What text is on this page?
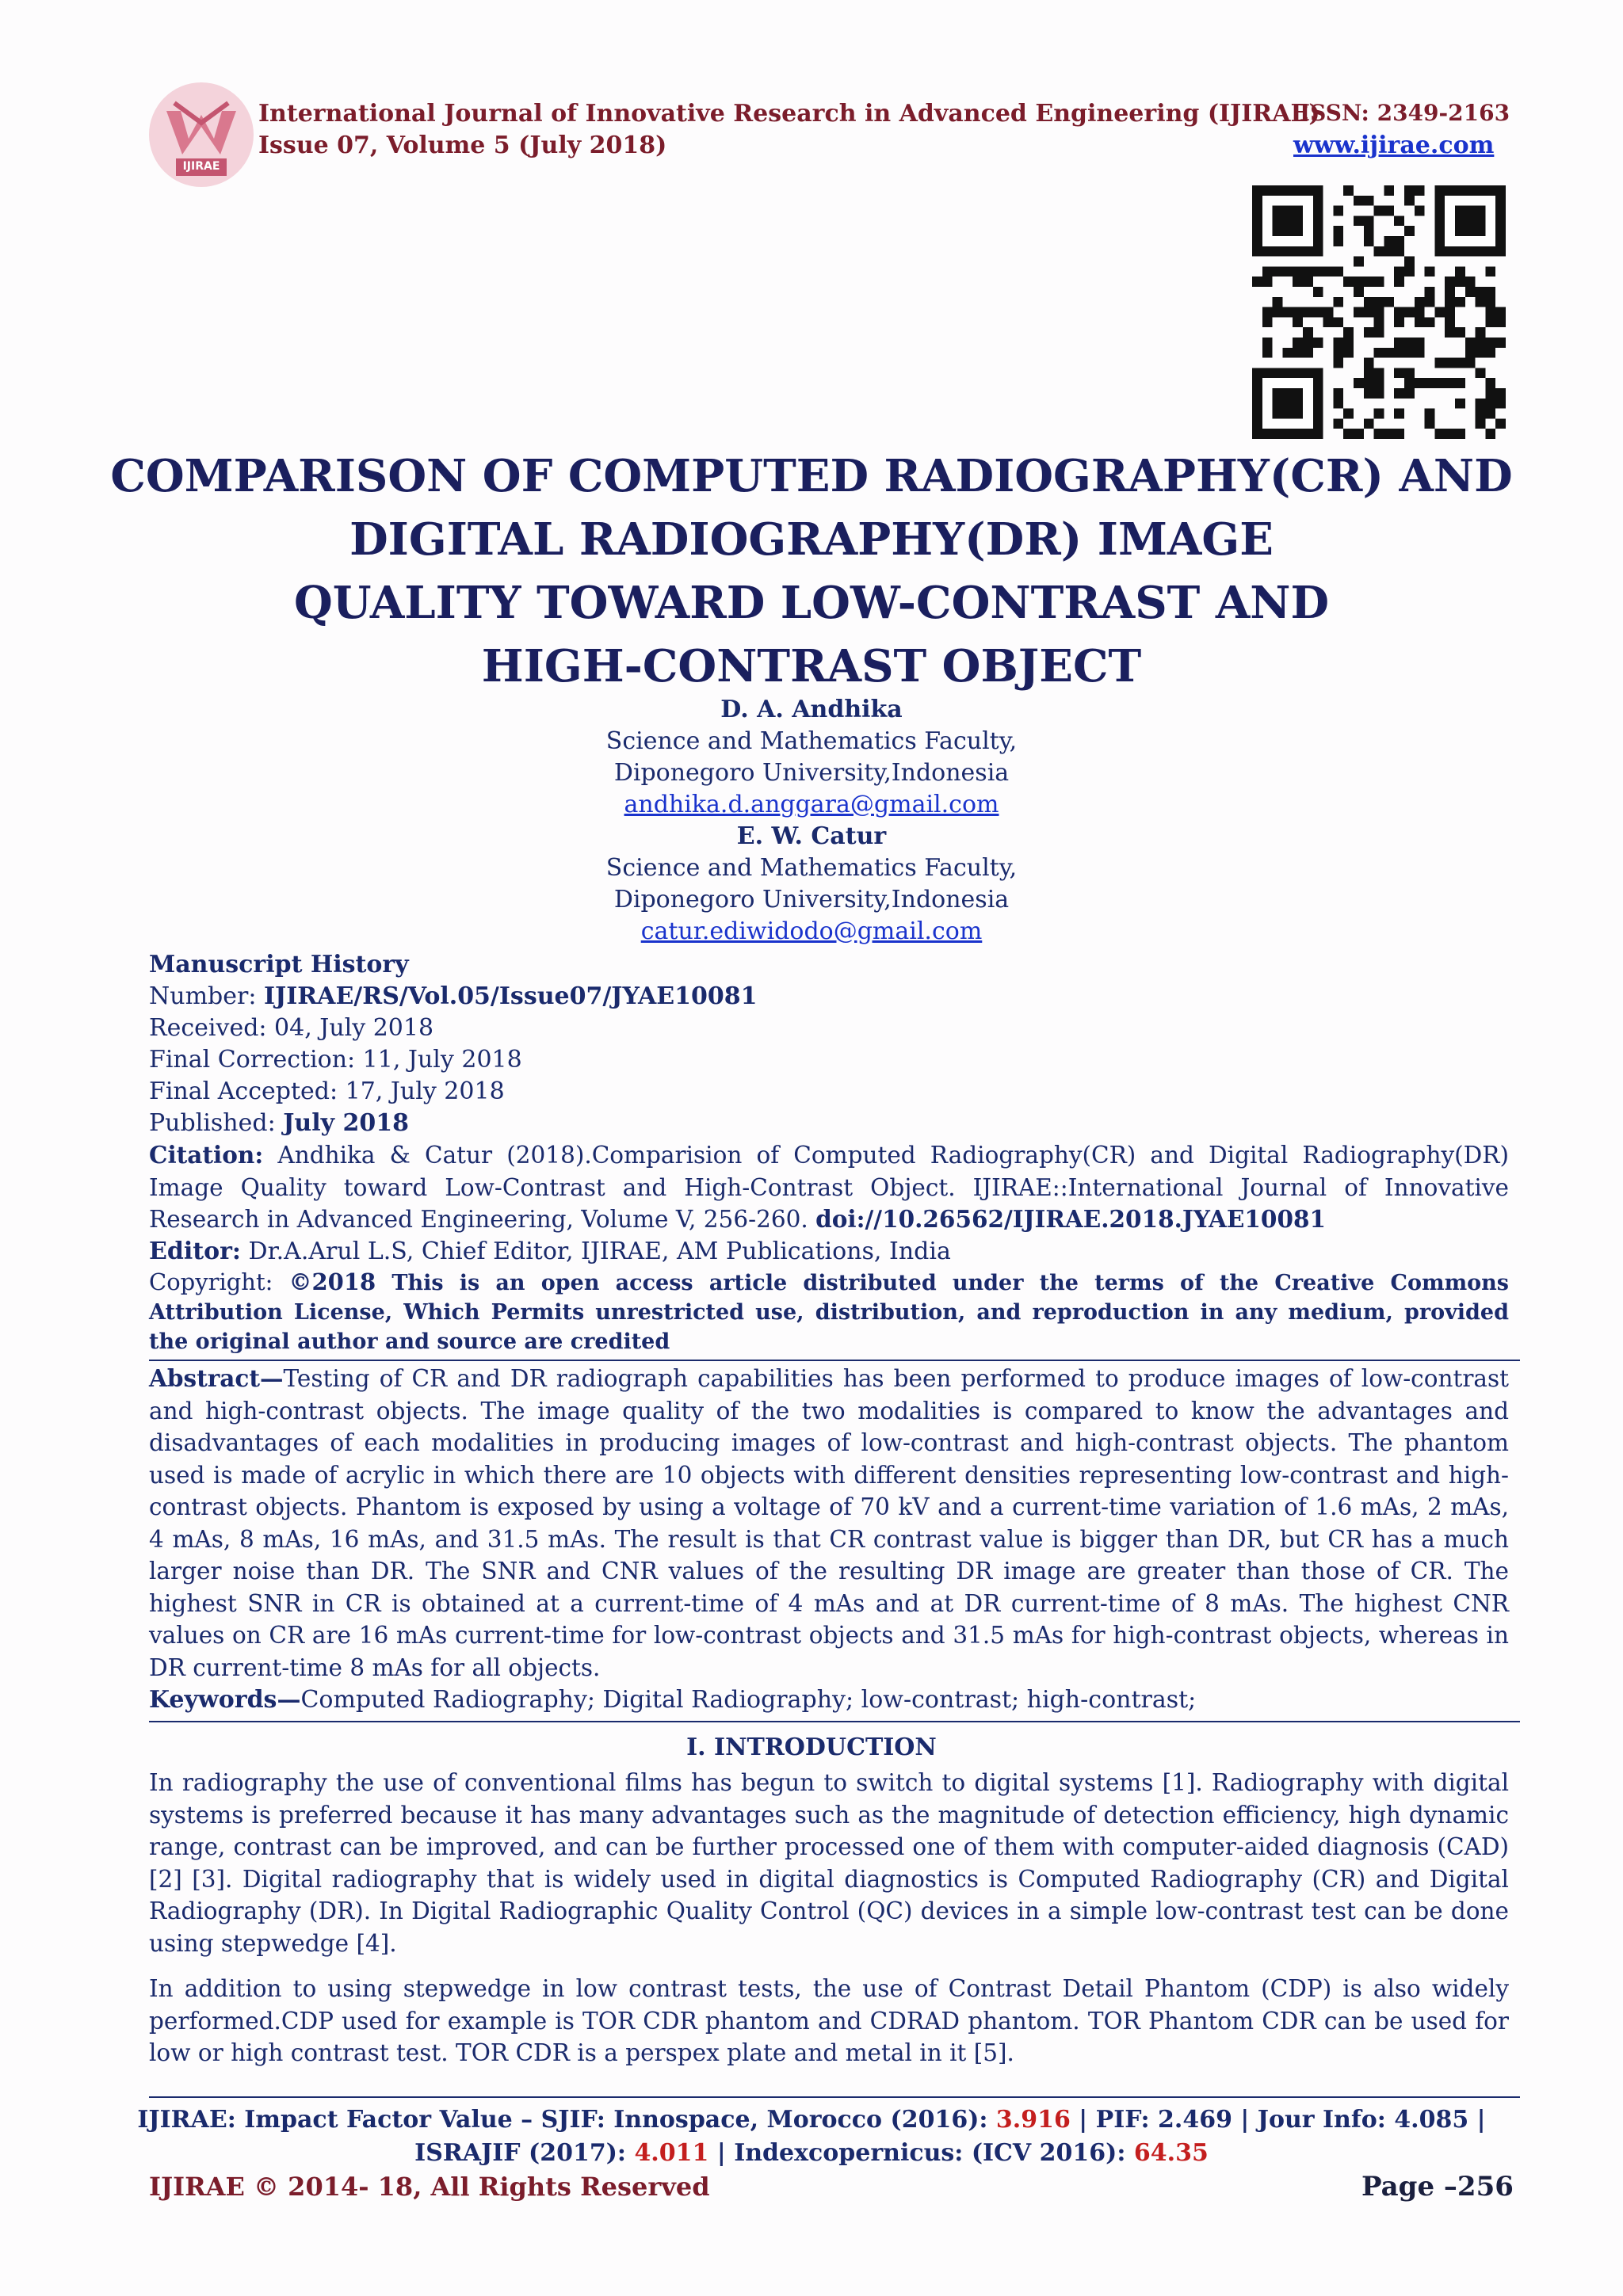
IJIRAE
International Journal of Innovative Research in Advanced Engineering (IJIRAE)
Issue 07, Volume 5 (July 2018)
ISSN: 2349-2163
www.ijirae.com
COMPARISON OF COMPUTED RADIOGRAPHY(CR) AND
DIGITAL RADIOGRAPHY(DR) IMAGE
QUALITY TOWARD LOW-CONTRAST AND
HIGH-CONTRAST OBJECT
D. A. Andhika
Science and Mathematics Faculty,
Diponegoro University,Indonesia
andhika.d.anggara@gmail.com
E. W. Catur
Science and Mathematics Faculty,
Diponegoro University,Indonesia
catur.ediwidodo@gmail.com
Manuscript History
Number: IJIRAE/RS/Vol.05/Issue07/JYAE10081
Received: 04, July 2018
Final Correction: 11, July 2018
Final Accepted: 17, July 2018
Published: July 2018
Citation: Andhika & Catur (2018).Comparision of Computed Radiography(CR) and Digital Radiography(DR) Image Quality toward Low-Contrast and High-Contrast Object. IJIRAE::International Journal of Innovative Research in Advanced Engineering, Volume V, 256-260. doi://10.26562/IJIRAE.2018.JYAE10081
Editor: Dr.A.Arul L.S, Chief Editor, IJIRAE, AM Publications, India
Copyright: ©2018 This is an open access article distributed under the terms of the Creative Commons Attribution License, Which Permits unrestricted use, distribution, and reproduction in any medium, provided the original author and source are credited
Abstract—Testing of CR and DR radiograph capabilities has been performed to produce images of low-contrast and high-contrast objects. The image quality of the two modalities is compared to know the advantages and disadvantages of each modalities in producing images of low-contrast and high-contrast objects. The phantom used is made of acrylic in which there are 10 objects with different densities representing low-contrast and high-contrast objects. Phantom is exposed by using a voltage of 70 kV and a current-time variation of 1.6 mAs, 2 mAs, 4 mAs, 8 mAs, 16 mAs, and 31.5 mAs. The result is that CR contrast value is bigger than DR, but CR has a much larger noise than DR. The SNR and CNR values of the resulting DR image are greater than those of CR. The highest SNR in CR is obtained at a current-time of 4 mAs and at DR current-time of 8 mAs. The highest CNR values on CR are 16 mAs current-time for low-contrast objects and 31.5 mAs for high-contrast objects, whereas in DR current-time 8 mAs for all objects.
Keywords—Computed Radiography; Digital Radiography; low-contrast; high-contrast;
I. INTRODUCTION
In radiography the use of conventional films has begun to switch to digital systems [1]. Radiography with digital systems is preferred because it has many advantages such as the magnitude of detection efficiency, high dynamic range, contrast can be improved, and can be further processed one of them with computer-aided diagnosis (CAD) [2] [3]. Digital radiography that is widely used in digital diagnostics is Computed Radiography (CR) and Digital Radiography (DR). In Digital Radiographic Quality Control (QC) devices in a simple low-contrast test can be done using stepwedge [4].
In addition to using stepwedge in low contrast tests, the use of Contrast Detail Phantom (CDP) is also widely performed.CDP used for example is TOR CDR phantom and CDRAD phantom. TOR Phantom CDR can be used for low or high contrast test. TOR CDR is a perspex plate and metal in it [5].
IJIRAE: Impact Factor Value – SJIF: Innospace, Morocco (2016): 3.916 | PIF: 2.469 | Jour Info: 4.085 |
ISRAJIF (2017): 4.011 | Indexcopernicus: (ICV 2016): 64.35
IJIRAE © 2014- 18, All Rights Reserved	Page –256
